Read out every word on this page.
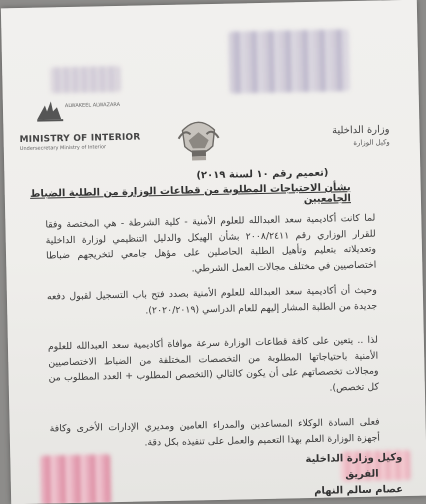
ALWAKEEL ALWAZARA
MINISTRY OF INTERIOR
Undersecretary Ministry of Interior
وزارة الداخلية
وكيل الوزارة
(تعميم رقم ١٠ لسنة ٢٠١٩)
بشأن الاحتياجات المطلوبة من قطاعات الوزارة من الطلبة الضباط الجامعيين
لما كانت أكاديمية سعد العبدالله للعلوم الأمنية - كلية الشرطة - هي المختصة وفقا للقرار الوزاري رقم ٢٠٠٨/٢٤١١ بشأن الهيكل والدليل التنظيمي لوزارة الداخلية وتعديلاته بتعليم وتأهيل الطلبة الحاصلين على مؤهل جامعي لتخريجهم ضباطا اختصاصيين في مختلف مجالات العمل الشرطي.
وحيث أن أكاديمية سعد العبدالله للعلوم الأمنية بصدد فتح باب التسجيل لقبول دفعه جديدة من الطلبة المشار إليهم للعام الدراسي (٢٠٢٠/٢٠١٩).
لذا .. يتعين على كافة قطاعات الوزارة سرعة موافاة أكاديمية سعد العبدالله للعلوم الأمنية باحتياجاتها المطلوبة من التخصصات المختلفة من الضباط الاختصاصيين ومجالات تخصصاتهم على أن يكون كالتالي (التخصص المطلوب + العدد المطلوب من كل تخصص).
فعلى السادة الوكلاء المساعدين والمدراء العامين ومديري الإدارات الأخرى وكافة أجهزة الوزارة العلم بهذا التعميم والعمل على تنفيذه بكل دقة.
وكيل وزارة الداخلية
الفريق
عصام سالم النهام
